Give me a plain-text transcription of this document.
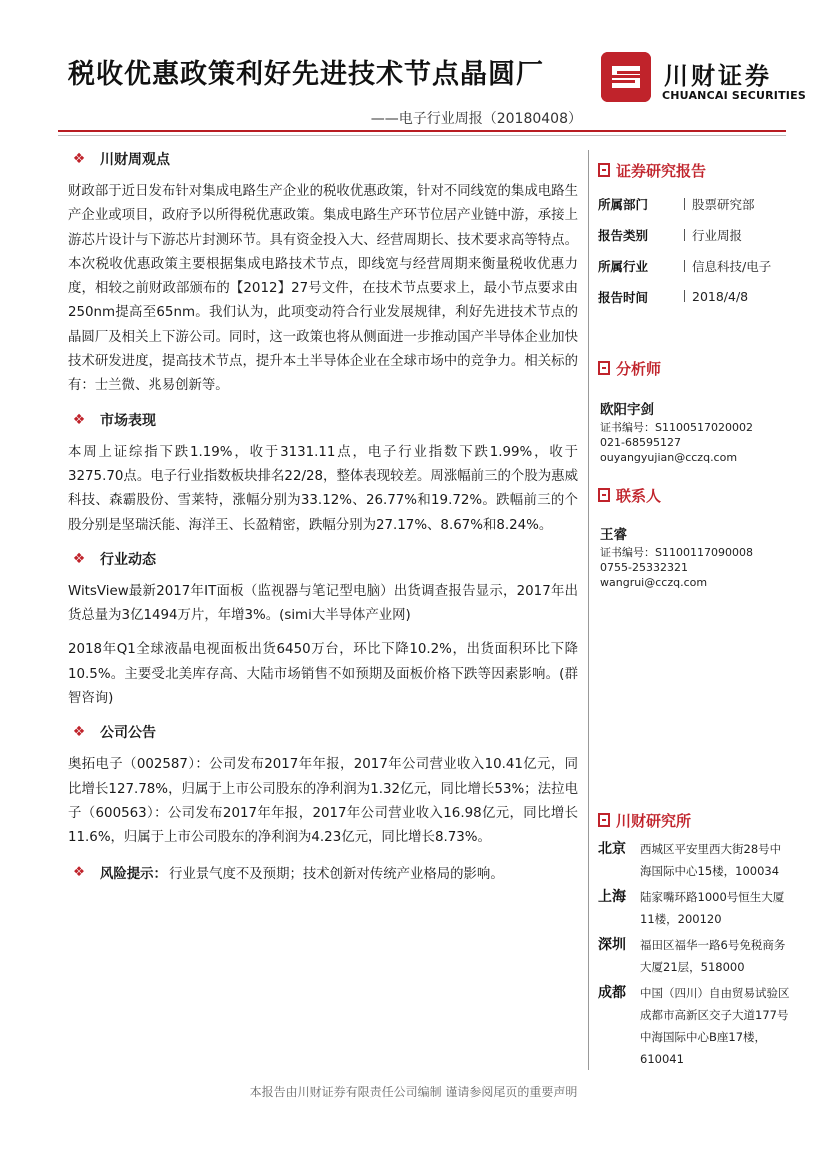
税收优惠政策利好先进技术节点晶圆厂
——电子行业周报（20180408）
川财证券
CHUANCAI SECURITIES
❖ 川财周观点

财政部于近日发布针对集成电路生产企业的税收优惠政策，针对不同线宽的集成电路生产企业或项目，政府予以所得税优惠政策。集成电路生产环节位居产业链中游，承接上游芯片设计与下游芯片封测环节。具有资金投入大、经营周期长、技术要求高等特点。本次税收优惠政策主要根据集成电路技术节点，即线宽与经营周期来衡量税收优惠力度，相较之前财政部颁布的【2012】27号文件，在技术节点要求上，最小节点要求由250nm提高至65nm。我们认为，此项变动符合行业发展规律，利好先进技术节点的晶圆厂及相关上下游公司。同时，这一政策也将从侧面进一步推动国产半导体企业加快技术研发进度，提高技术节点，提升本土半导体企业在全球市场中的竞争力。相关标的有：士兰微、兆易创新等。

❖ 市场表现

本周上证综指下跌1.19%，收于3131.11点，电子行业指数下跌1.99%，收于3275.70点。电子行业指数板块排名22/28，整体表现较差。周涨幅前三的个股为惠威科技、森霸股份、雪莱特，涨幅分别为33.12%、26.77%和19.72%。跌幅前三的个股分别是坚瑞沃能、海洋王、长盈精密，跌幅分别为27.17%、8.67%和8.24%。

❖ 行业动态

WitsView最新2017年IT面板（监视器与笔记型电脑）出货调查报告显示，2017年出货总量为3亿1494万片，年增3%。(simi大半导体产业网)

2018年Q1全球液晶电视面板出货6450万台，环比下降10.2%，出货面积环比下降10.5%。主要受北美库存高、大陆市场销售不如预期及面板价格下跌等因素影响。(群智咨询)

❖ 公司公告

奥拓电子（002587）：公司发布2017年年报，2017年公司营业收入10.41亿元，同比增长127.78%，归属于上市公司股东的净利润为1.32亿元，同比增长53%；法拉电子（600563）：公司发布2017年年报，2017年公司营业收入16.98亿元，同比增长11.6%，归属于上市公司股东的净利润为4.23亿元，同比增长8.73%。

❖ 风险提示： 行业景气度不及预期；技术创新对传统产业格局的影响。
证券研究报告
所属部门	股票研究部
报告类别	行业周报
所属行业	信息科技/电子
报告时间	2018/4/8
分析师
欧阳宇剑
证书编号：S1100517020002
021-68595127
ouyangyujian@cczq.com
联系人
王睿
证书编号：S1100117090008
0755-25332321
wangrui@cczq.com
川财研究所
北京	西城区平安里西大街28号中海国际中心15楼，100034
上海	陆家嘴环路1000号恒生大厦11楼，200120
深圳	福田区福华一路6号免税商务大厦21层，518000
成都	中国（四川）自由贸易试验区成都市高新区交子大道177号中海国际中心B座17楼，610041
本报告由川财证券有限责任公司编制 谨请参阅尾页的重要声明
